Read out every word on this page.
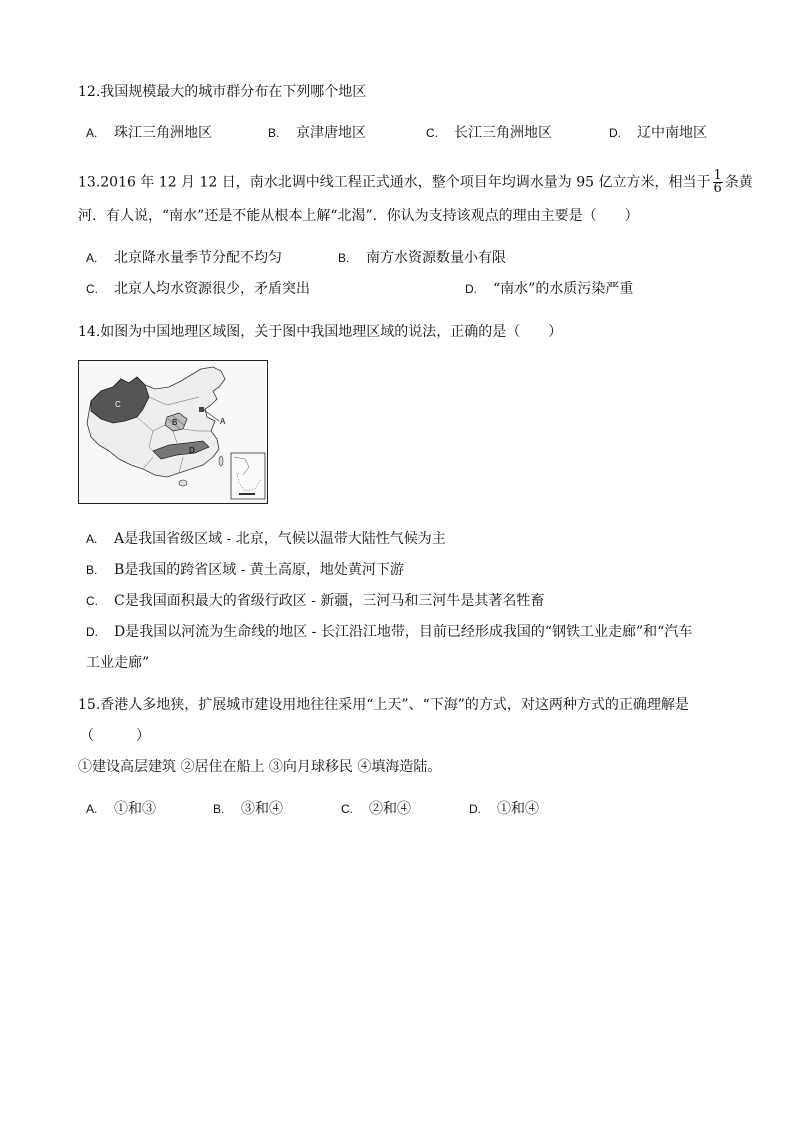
12.我国规模最大的城市群分布在下列哪个地区
A. 珠江三角洲地区	B. 京津唐地区	C. 长江三角洲地区	D. 辽中南地区
13.2016 年 12 月 12 日，南水北调中线工程正式通水，整个项目年均调水量为 95 亿立方米，相当于 $\frac{1}{6}$ 条黄
河．有人说，“南水”还是不能从根本上解“北渴”．你认为支持该观点的理由主要是（　　）
A. 北京降水量季节分配不均匀	B. 南方水资源数量小有限
C. 北京人均水资源很少，矛盾突出	D. “南水”的水质污染严重
14.如图为中国地理区域图，关于图中我国地理区域的说法，正确的是（　　）
C
B	A
D
A. A是我国省级区域 - 北京，气候以温带大陆性气候为主
B. B是我国的跨省区域 - 黄土高原，地处黄河下游
C. C是我国面积最大的省级行政区 - 新疆，三河马和三河牛是其著名牲畜
D. D是我国以河流为生命线的地区 - 长江沿江地带，目前已经形成我国的“钢铁工业走廊”和“汽车
工业走廊”
15.香港人多地狭，扩展城市建设用地往往采用“上天”、“下海”的方式，对这两种方式的正确理解是
（　　　）
①建设高层建筑 ②居住在船上 ③向月球移民 ④填海造陆。
A. ①和③	B. ③和④	C. ②和④	D. ①和④
